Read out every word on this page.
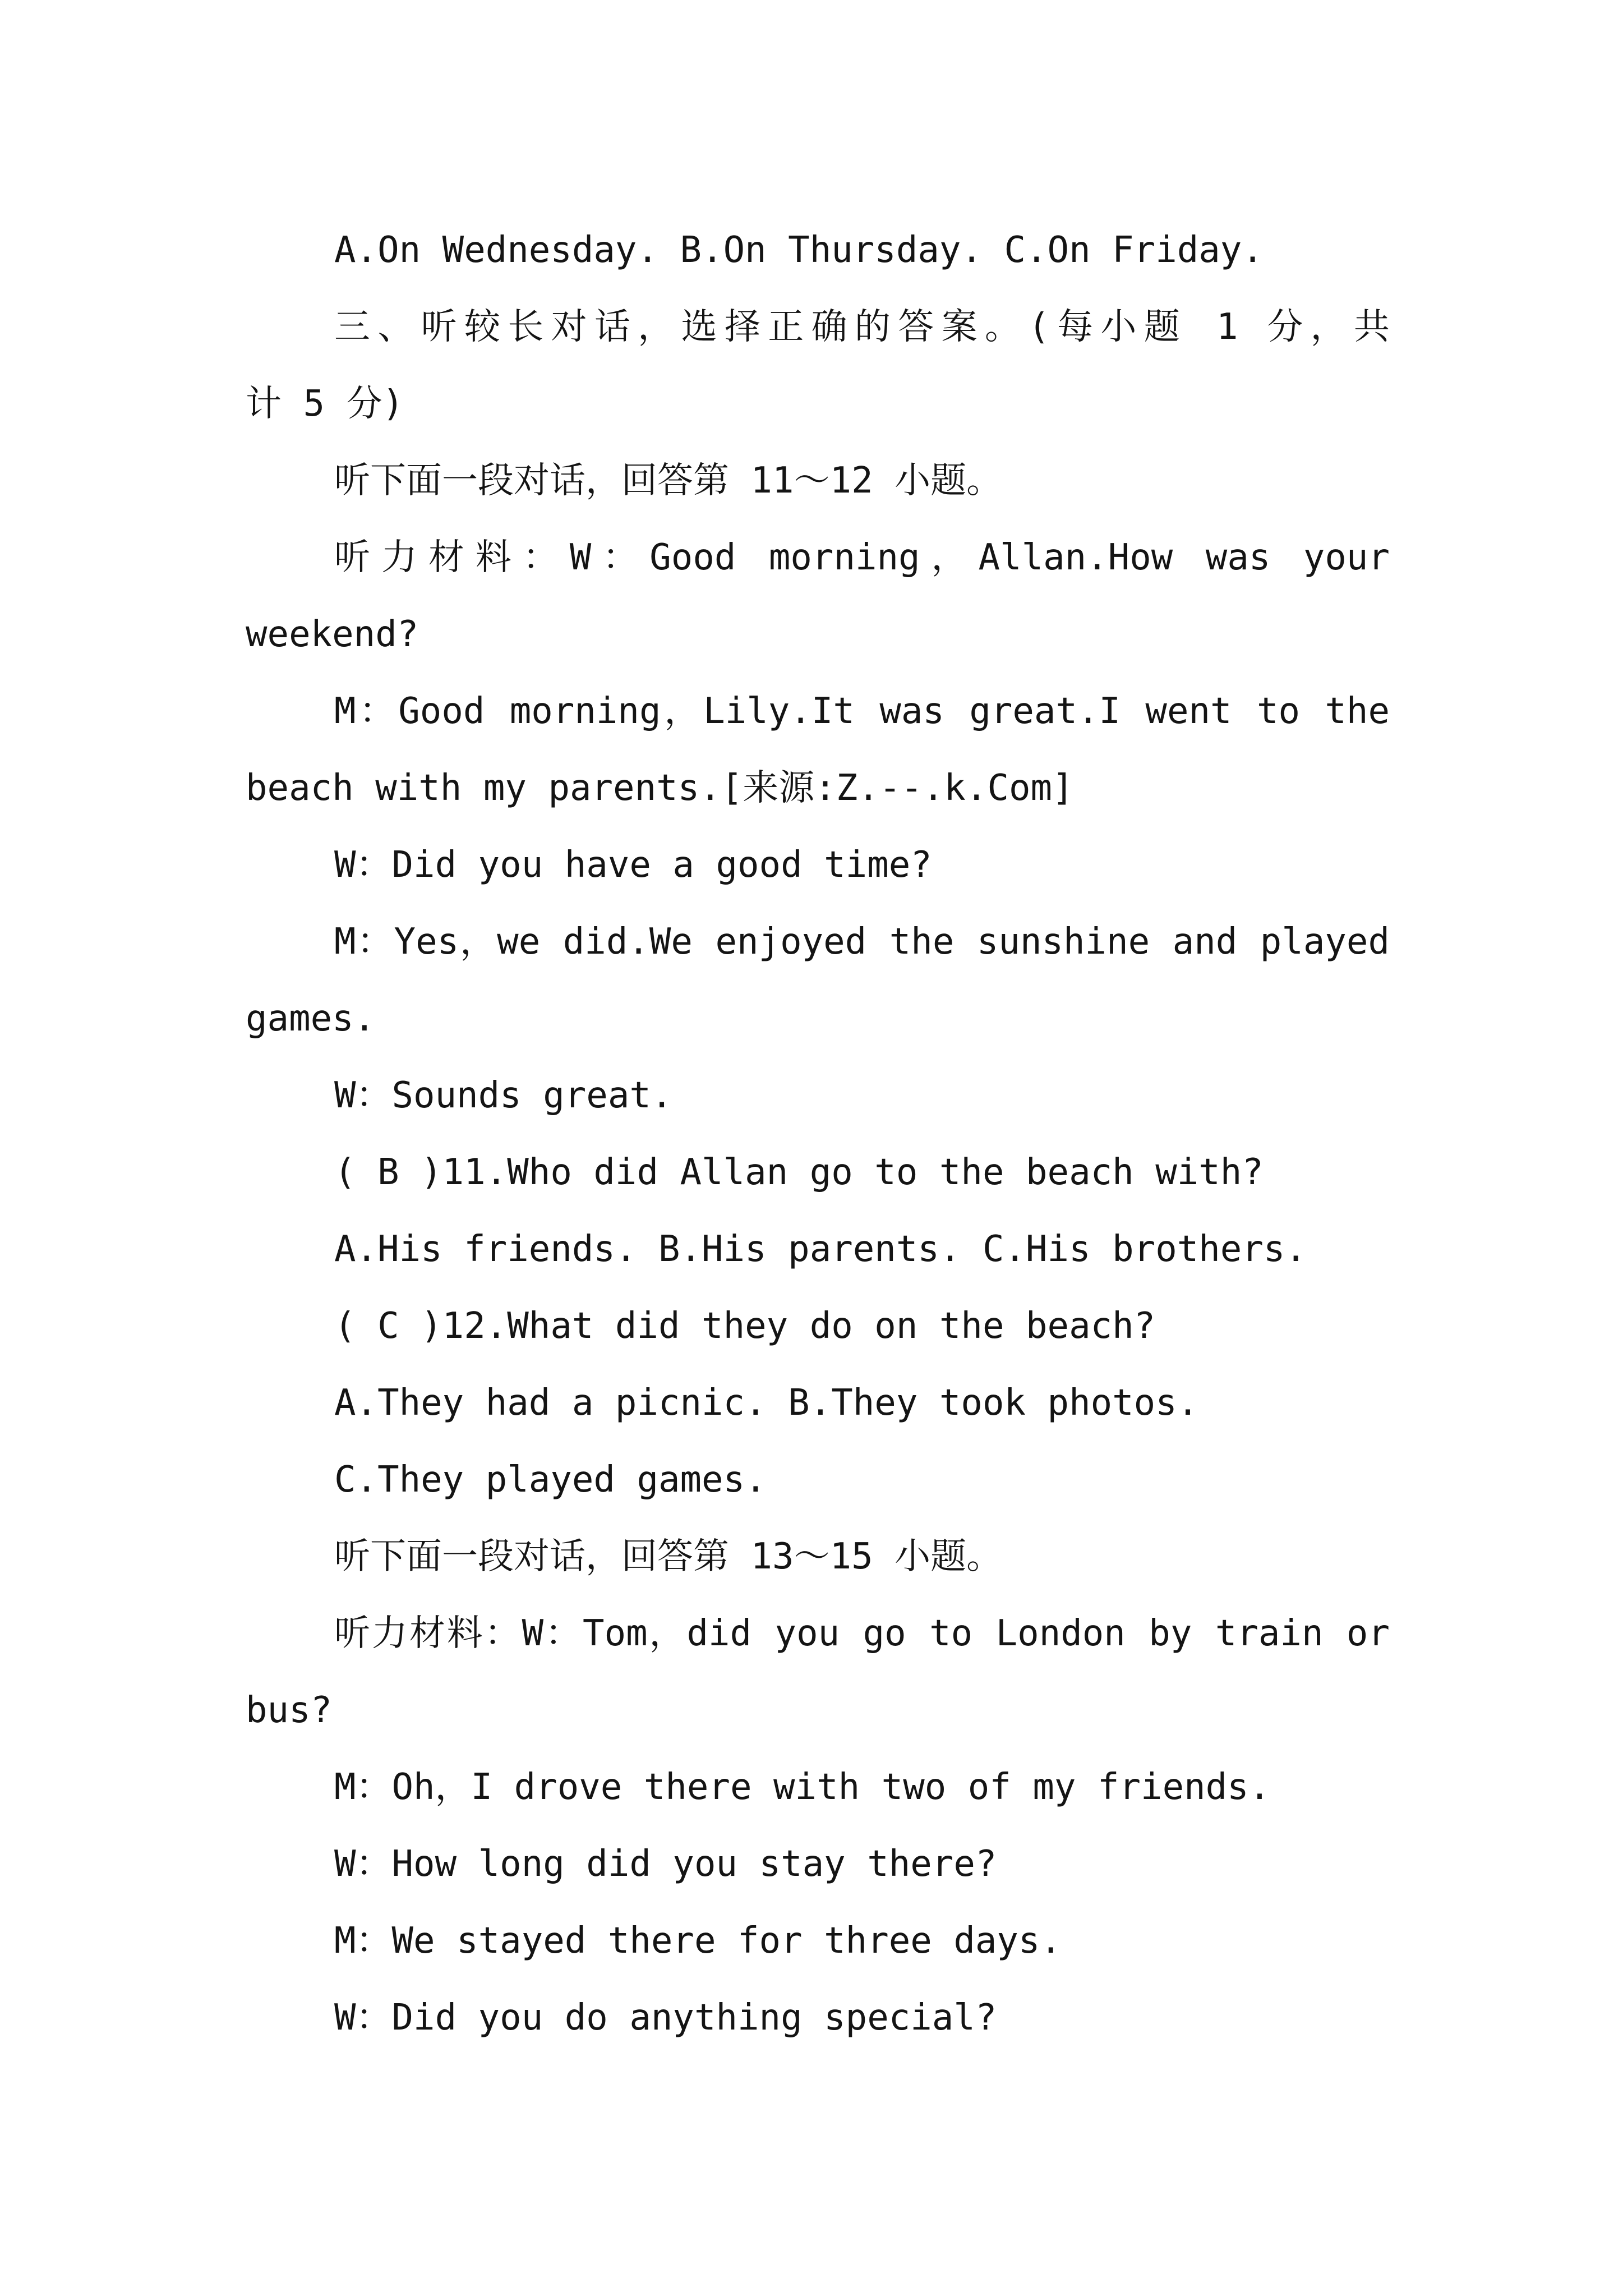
A.On Wednesday. B.On Thursday. C.On Friday.
三、听较长对话，选择正确的答案。(每小题 1 分，共
计 5 分)
听下面一段对话，回答第 11～12 小题。
听力材料：W：Good morning，Allan.How was your
weekend?
M：Good morning，Lily.It was great.I went to the
beach with my parents.[来源:Z.--.k.Com]
W：Did you have a good time?
M：Yes，we did.We enjoyed the sunshine and played
games.
W：Sounds great.
( B )11.Who did Allan go to the beach with?
A.His friends. B.His parents. C.His brothers.
( C )12.What did they do on the beach?
A.They had a picnic. B.They took photos.
C.They played games.
听下面一段对话，回答第 13～15 小题。
听力材料：W：Tom，did you go to London by train or
bus?
M：Oh，I drove there with two of my friends.
W：How long did you stay there?
M：We stayed there for three days.
W：Did you do anything special?
